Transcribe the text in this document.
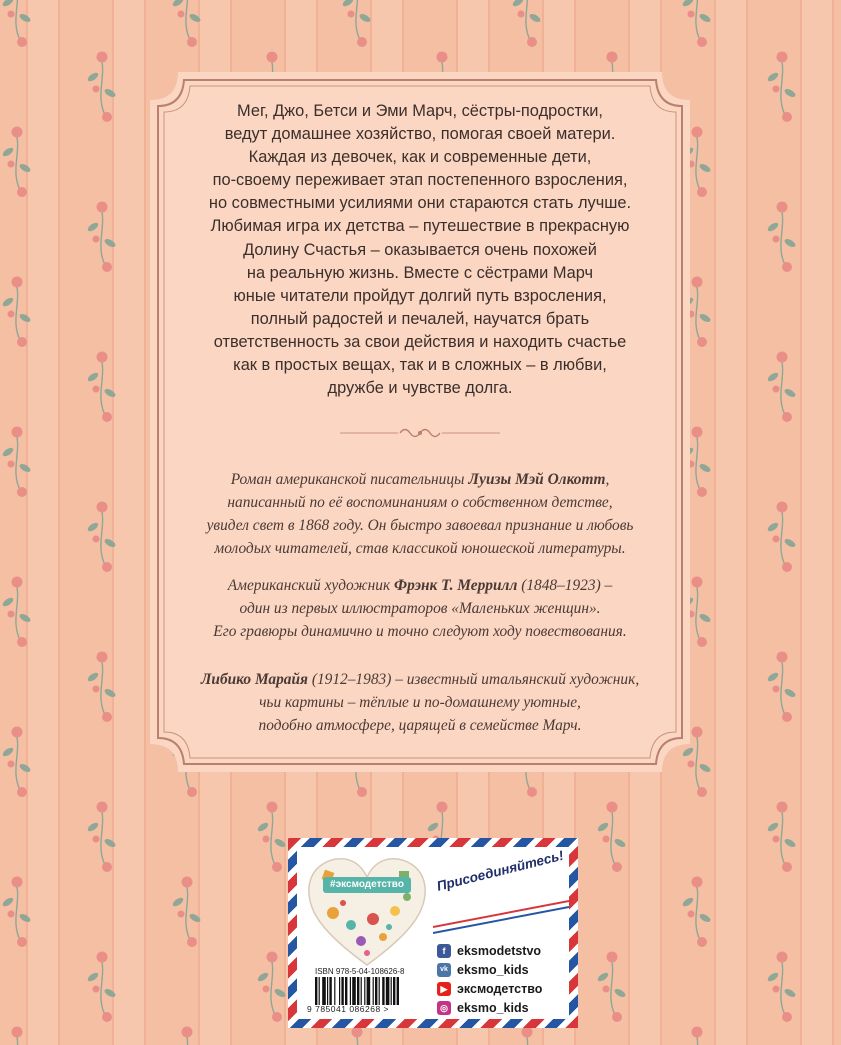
Мег, Джо, Бетси и Эми Марч, сёстры-подростки,
ведут домашнее хозяйство, помогая своей матери.
Каждая из девочек, как и современные дети,
по-своему переживает этап постепенного взросления,
но совместными усилиями они стараются стать лучше.
Любимая игра их детства – путешествие в прекрасную
Долину Счастья – оказывается очень похожей
на реальную жизнь. Вместе с сёстрами Марч
юные читатели пройдут долгий путь взросления,
полный радостей и печалей, научатся брать
ответственность за свои действия и находить счастье
как в простых вещах, так и в сложных – в любви,
дружбе и чувстве долга.
Роман американской писательницы Луизы Мэй Олкотт,
написанный по её воспоминаниям о собственном детстве,
увидел свет в 1868 году. Он быстро завоевал признание и любовь
молодых читателей, став классикой юношеской литературы.
Американский художник Фрэнк Т. Меррилл (1848–1923) –
один из первых иллюстраторов «Маленьких женщин».
Его гравюры динамично и точно следуют ходу повествования.
Либико Марайя (1912–1983) – известный итальянский художник,
чьи картины – тёплые и по-домашнему уютные,
подобно атмосфере, царящей в семействе Марч.
#эксмодетство	Присоединяйтесь!
ISBN 978-5-04-108626-8
9 785041 086268 >
f eksmodetstvo
vk eksmo_kids
▶ эксмодетство
◎ eksmo_kids
